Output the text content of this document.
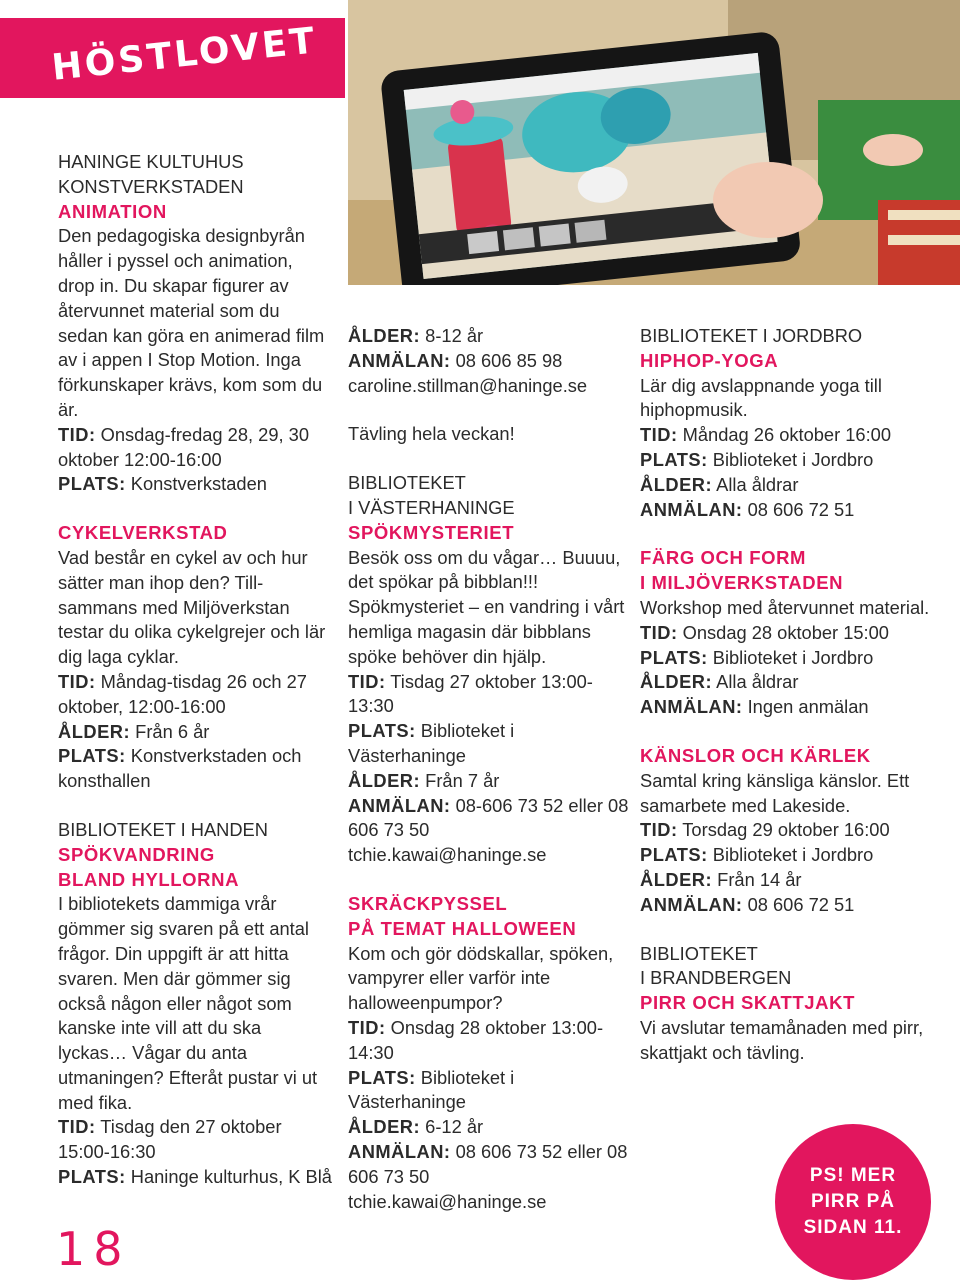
HÖSTLOVET

HANINGE KULTUHUS

KONSTVERKSTADEN

ANIMATION

Den pedagogiska designbyrån håller i pyssel och animation, drop in. Du skapar figurer av återvunnet material som du sedan kan göra en animerad film av i appen I Stop Motion. Inga förkunskaper krävs, kom som du är.

TID: Onsdag-fredag 28, 29, 30 oktober 12:00-16:00

PLATS: Konstverkstaden

CYKELVERKSTAD

Vad består en cykel av och hur sätter man ihop den? Till-sammans med Miljöverkstan testar du olika cykelgrejer och lär dig laga cyklar.

TID: Måndag-tisdag 26 och 27 oktober, 12:00-16:00

ÅLDER: Från 6 år

PLATS: Konstverkstaden och konsthallen

BIBLIOTEKET I HANDEN

SPÖKVANDRING

BLAND HYLLORNA

I bibliotekets dammiga vrår gömmer sig svaren på ett antal frågor. Din uppgift är att hitta svaren. Men där gömmer sig också någon eller något som kanske inte vill att du ska lyckas… Vågar du anta utmaningen? Efteråt pustar vi ut med fika.

TID: Tisdag den 27 oktober 15:00-16:30

PLATS: Haninge kulturhus, K Blå

ÅLDER: 8-12 år

ANMÄLAN: 08 606 85 98

caroline.stillman@haninge.se

Tävling hela veckan!

BIBLIOTEKET

I VÄSTERHANINGE

SPÖKMYSTERIET

Besök oss om du vågar… Buuuu, det spökar på bibblan!!! Spökmysteriet – en vandring i vårt hemliga magasin där bibblans spöke behöver din hjälp.

TID: Tisdag 27 oktober 13:00-13:30

PLATS: Biblioteket i Västerhaninge

ÅLDER: Från 7 år

ANMÄLAN: 08-606 73 52 eller 08 606 73 50

tchie.kawai@haninge.se

SKRÄCKPYSSEL

PÅ TEMAT HALLOWEEN

Kom och gör dödskallar, spöken, vampyrer eller varför inte halloweenpumpor?

TID: Onsdag 28 oktober 13:00-14:30

PLATS: Biblioteket i Västerhaninge

ÅLDER: 6-12 år

ANMÄLAN: 08 606 73 52 eller 08 606 73 50

tchie.kawai@haninge.se

BIBLIOTEKET I JORDBRO

HIPHOP-YOGA

Lär dig avslappnande yoga till hiphopmusik.

TID: Måndag 26 oktober 16:00

PLATS: Biblioteket i Jordbro

ÅLDER: Alla åldrar

ANMÄLAN: 08 606 72 51

FÄRG OCH FORM

I MILJÖVERKSTADEN

Workshop med återvunnet material.

TID: Onsdag 28 oktober 15:00

PLATS: Biblioteket i Jordbro

ÅLDER: Alla åldrar

ANMÄLAN: Ingen anmälan

KÄNSLOR OCH KÄRLEK

Samtal kring känsliga känslor. Ett samarbete med Lakeside.

TID: Torsdag 29 oktober 16:00

PLATS: Biblioteket i Jordbro

ÅLDER: Från 14 år

ANMÄLAN: 08 606 72 51

BIBLIOTEKET

I BRANDBERGEN

PIRR OCH SKATTJAKT

Vi avslutar temamånaden med pirr, skattjakt och tävling.

18
PS! MER
PIRR PÅ
SIDAN 11.
